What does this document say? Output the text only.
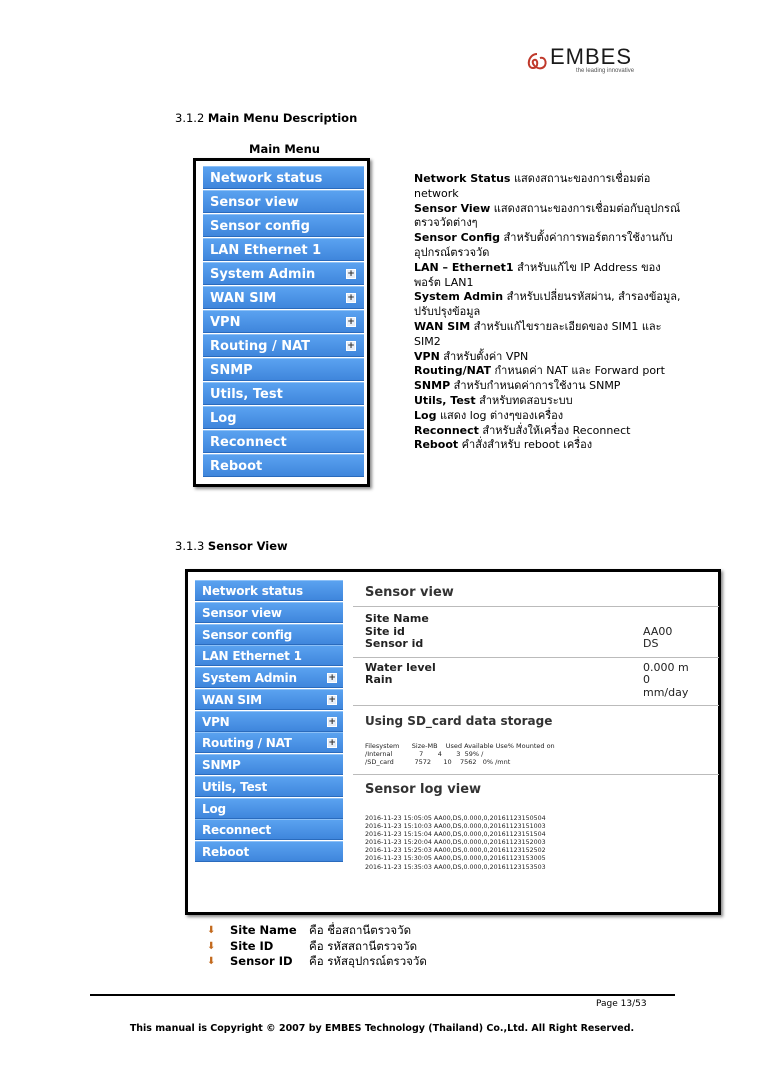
EMBES
the leading innovative
3.1.2 Main Menu Description
Main Menu
Network status
Sensor view
Sensor config
LAN Ethernet 1
System Admin	+
WAN SIM	+
VPN	+
Routing / NAT	+
SNMP
Utils, Test
Log
Reconnect
Reboot
Network Status แสดงสถานะของการเชื่อมต่อ network
Sensor View แสดงสถานะของการเชื่อมต่อกับอุปกรณ์ตรวจวัดต่างๆ
Sensor Config สำหรับตั้งค่าการพอร์ตการใช้งานกับอุปกรณ์ตรวจวัด
LAN – Ethernet1 สำหรับแก้ไข IP Address ของพอร์ต LAN1
System Admin สำหรับเปลี่ยนรหัสผ่าน, สำรองข้อมูล, ปรับปรุงข้อมูล
WAN SIM สำหรับแก้ไขรายละเอียดของ SIM1 และ SIM2
VPN สำหรับตั้งค่า VPN
Routing/NAT กำหนดค่า NAT และ Forward port
SNMP สำหรับกำหนดค่าการใช้งาน SNMP
Utils, Test สำหรับทดสอบระบบ
Log แสดง log ต่างๆของเครื่อง
Reconnect สำหรับสั่งให้เครื่อง Reconnect
Reboot คำสั่งสำหรับ reboot เครื่อง
3.1.3 Sensor View
Network status
Sensor view
Sensor config
LAN Ethernet 1
System Admin	+
WAN SIM	+
VPN	+
Routing / NAT	+
SNMP
Utils, Test
Log
Reconnect
Reboot
Sensor view
Site Name
Site id	AA00
Sensor id	DS
Water level	0.000 m
Rain	0 mm/day
Using SD_card data storage
Filesystem      Size-MB    Used Available Use% Mounted on
/Internal             7       4       3  59% /
/SD_card          7572      10    7562   0% /mnt
Sensor log view
2016-11-23 15:05:05 AA00,DS,0.000,0,20161123150504
2016-11-23 15:10:03 AA00,DS,0.000,0,20161123151003
2016-11-23 15:15:04 AA00,DS,0.000,0,20161123151504
2016-11-23 15:20:04 AA00,DS,0.000,0,20161123152003
2016-11-23 15:25:03 AA00,DS,0.000,0,20161123152502
2016-11-23 15:30:05 AA00,DS,0.000,0,20161123153005
2016-11-23 15:35:03 AA00,DS,0.000,0,20161123153503
⬇	Site Name	คือ ชื่อสถานีตรวจวัด
⬇	Site ID	คือ รหัสสถานีตรวจวัด
⬇	Sensor ID	คือ รหัสอุปกรณ์ตรวจวัด
Page 13/53
This manual is Copyright © 2007 by EMBES Technology (Thailand) Co.,Ltd. All Right Reserved.
